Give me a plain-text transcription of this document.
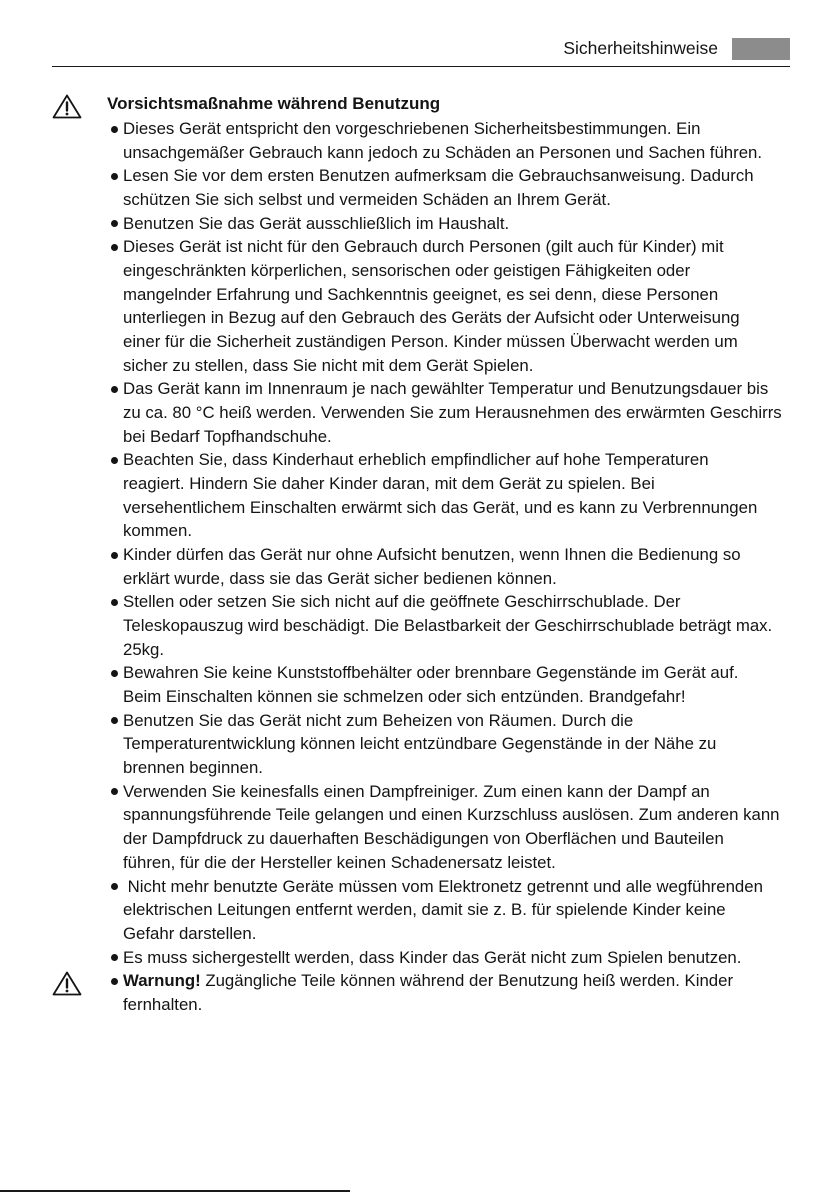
Sicherheitshinweise
Vorsichtsmaßnahme während Benutzung
Dieses Gerät entspricht den vorgeschriebenen Sicherheitsbestimmungen. Ein
unsachgemäßer Gebrauch kann jedoch zu Schäden an Personen und Sachen führen.
Lesen Sie vor dem ersten Benutzen aufmerksam die Gebrauchsanweisung. Dadurch
schützen Sie sich selbst und vermeiden Schäden an Ihrem Gerät.
Benutzen Sie das Gerät ausschließlich im Haushalt.
Dieses Gerät ist nicht für den Gebrauch durch Personen (gilt auch für Kinder) mit
eingeschränkten körperlichen, sensorischen oder geistigen Fähigkeiten oder
mangelnder Erfahrung und Sachkenntnis geeignet, es sei denn, diese Personen
unterliegen in Bezug auf den Gebrauch des Geräts der Aufsicht oder Unterweisung
einer für die Sicherheit zuständigen Person. Kinder müssen Überwacht werden um
sicher zu stellen, dass Sie nicht mit dem Gerät Spielen.
Das Gerät kann im Innenraum je nach gewählter Temperatur und Benutzungsdauer bis
zu ca. 80 °C heiß werden. Verwenden Sie zum Herausnehmen des erwärmten Geschirrs
bei Bedarf Topfhandschuhe.
Beachten Sie, dass Kinderhaut erheblich empfindlicher auf hohe Temperaturen
reagiert. Hindern Sie daher Kinder daran, mit dem Gerät zu spielen. Bei
versehentlichem Einschalten erwärmt sich das Gerät, und es kann zu Verbrennungen
kommen.
Kinder dürfen das Gerät nur ohne Aufsicht benutzen, wenn Ihnen die Bedienung so
erklärt wurde, dass sie das Gerät sicher bedienen können.
Stellen oder setzen Sie sich nicht auf die geöffnete Geschirrschublade. Der
Teleskopauszug wird beschädigt. Die Belastbarkeit der Geschirrschublade beträgt max.
25kg.
Bewahren Sie keine Kunststoffbehälter oder brennbare Gegenstände im Gerät auf.
Beim Einschalten können sie schmelzen oder sich entzünden. Brandgefahr!
Benutzen Sie das Gerät nicht zum Beheizen von Räumen. Durch die
Temperaturentwicklung können leicht entzündbare Gegenstände in der Nähe zu
brennen beginnen.
Verwenden Sie keinesfalls einen Dampfreiniger. Zum einen kann der Dampf an
spannungsführende Teile gelangen und einen Kurzschluss auslösen. Zum anderen kann
der Dampfdruck zu dauerhaften Beschädigungen von Oberflächen und Bauteilen
führen, für die der Hersteller keinen Schadenersatz leistet.
Nicht mehr benutzte Geräte müssen vom Elektronetz getrennt und alle wegführenden
elektrischen Leitungen entfernt werden, damit sie z. B. für spielende Kinder keine
Gefahr darstellen.
Es muss sichergestellt werden, dass Kinder das Gerät nicht zum Spielen benutzen.
Warnung! Zugängliche Teile können während der Benutzung heiß werden. Kinder
fernhalten.
